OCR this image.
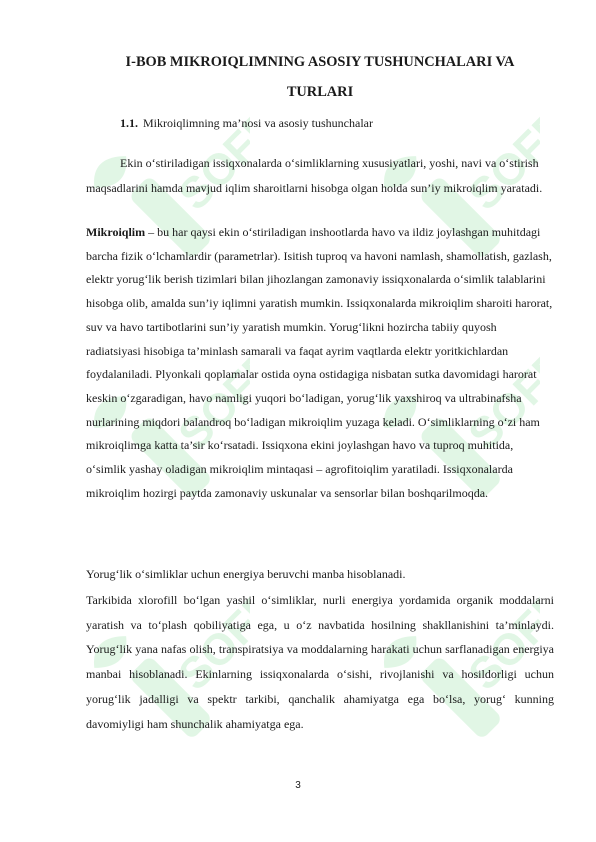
SOFF	SOFF
SOFF	SOFF
SOFF	SOFF
I-BOB MIKROIQLIMNING ASOSIY TUSHUNCHALARI VA
TURLARI
1.1. Mikroiqlimning ma’nosi va asosiy tushunchalar
Ekin o‘stiriladigan issiqxonalarda o‘simliklarning xususiyatlari, yoshi, navi va o‘stirish maqsadlarini hamda mavjud iqlim sharoitlarni hisobga olgan holda sun’iy mikroiqlim yaratadi.
Mikroiqlim – bu har qaysi ekin o‘stiriladigan inshootlarda havo va ildiz joylashgan muhitdagi barcha fizik o‘lchamlardir (parametrlar). Isitish tuproq va havoni namlash, shamollatish, gazlash, elektr yorug‘lik berish tizimlari bilan jihozlangan zamonaviy issiqxonalarda o‘simlik talablarini hisobga olib, amalda sun’iy iqlimni yaratish mumkin. Issiqxonalarda mikroiqlim sharoiti harorat, suv va havo tartibotlarini sun’iy yaratish mumkin. Yorug‘likni hozircha tabiiy quyosh radiatsiyasi hisobiga ta’minlash samarali va faqat ayrim vaqtlarda elektr yoritkichlardan foydalaniladi. Plyonkali qoplamalar ostida oyna ostidagiga nisbatan sutka davomidagi harorat keskin o‘zgaradigan, havo namligi yuqori bo‘ladigan, yorug‘lik yaxshiroq va ultrabinafsha nurlarining miqdori balandroq bo‘ladigan mikroiqlim yuzaga keladi. O‘simliklarning o‘zi ham mikroiqlimga katta ta’sir ko‘rsatadi. Issiqxona ekini joylashgan havo va tuproq muhitida, o‘simlik yashay oladigan mikroiqlim mintaqasi – agrofitoiqlim yaratiladi. Issiqxonalarda mikroiqlim hozirgi paytda zamonaviy uskunalar va sensorlar bilan boshqarilmoqda.
Yorug‘lik o‘simliklar uchun energiya beruvchi manba hisoblanadi.
Tarkibida xlorofill bo‘lgan yashil o‘simliklar, nurli energiya yordamida organik moddalarni yaratish va to‘plash qobiliyatiga ega, u o‘z navbatida hosilning shakllanishini ta’minlaydi. Yorug‘lik yana nafas olish, transpiratsiya va moddalarning harakati uchun sarflanadigan energiya manbai hisoblanadi. Ekinlarning issiqxonalarda o‘sishi, rivojlanishi va hosildorligi uchun yorug‘lik jadalligi va spektr tarkibi, qanchalik ahamiyatga ega bo‘lsa, yorug‘ kunning davomiyligi ham shunchalik ahamiyatga ega.
3
